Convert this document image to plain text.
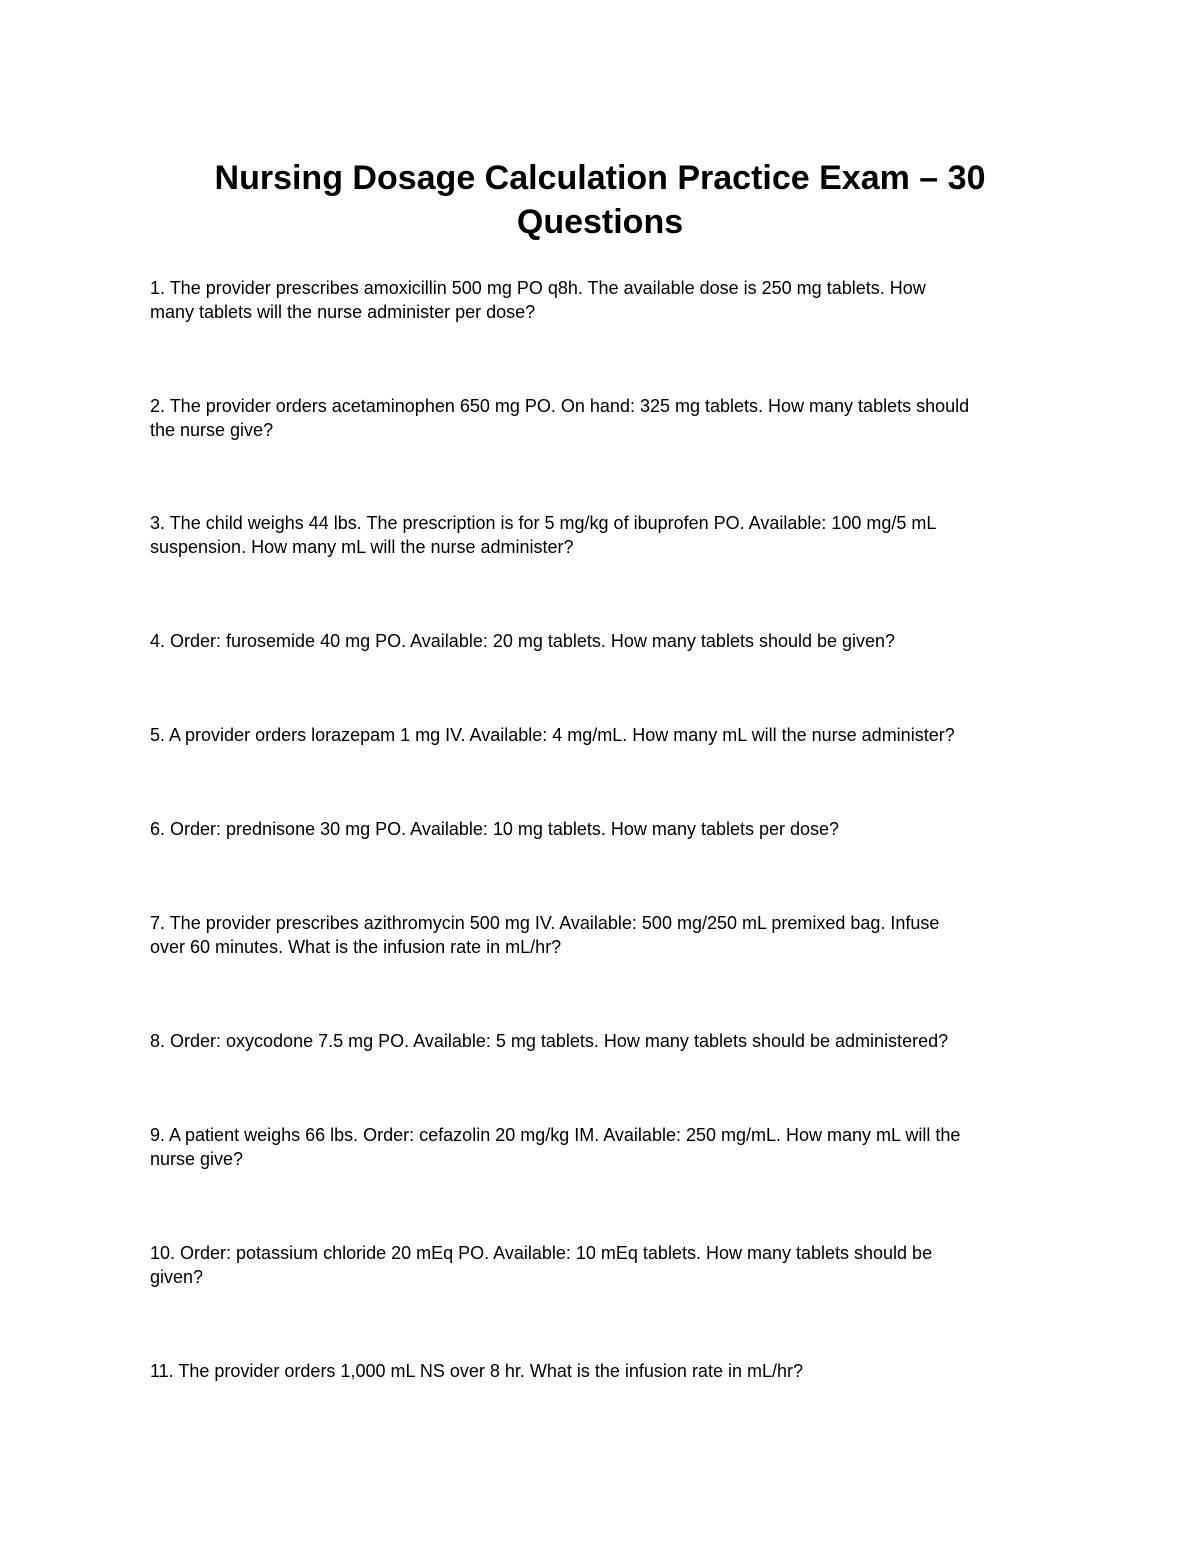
Nursing Dosage Calculation Practice Exam – 30
Questions
1. The provider prescribes amoxicillin 500 mg PO q8h. The available dose is 250 mg tablets. How
many tablets will the nurse administer per dose?
2. The provider orders acetaminophen 650 mg PO. On hand: 325 mg tablets. How many tablets should
the nurse give?
3. The child weighs 44 lbs. The prescription is for 5 mg/kg of ibuprofen PO. Available: 100 mg/5 mL
suspension. How many mL will the nurse administer?
4. Order: furosemide 40 mg PO. Available: 20 mg tablets. How many tablets should be given?
5. A provider orders lorazepam 1 mg IV. Available: 4 mg/mL. How many mL will the nurse administer?
6. Order: prednisone 30 mg PO. Available: 10 mg tablets. How many tablets per dose?
7. The provider prescribes azithromycin 500 mg IV. Available: 500 mg/250 mL premixed bag. Infuse
over 60 minutes. What is the infusion rate in mL/hr?
8. Order: oxycodone 7.5 mg PO. Available: 5 mg tablets. How many tablets should be administered?
9. A patient weighs 66 lbs. Order: cefazolin 20 mg/kg IM. Available: 250 mg/mL. How many mL will the
nurse give?
10. Order: potassium chloride 20 mEq PO. Available: 10 mEq tablets. How many tablets should be
given?
11. The provider orders 1,000 mL NS over 8 hr. What is the infusion rate in mL/hr?
